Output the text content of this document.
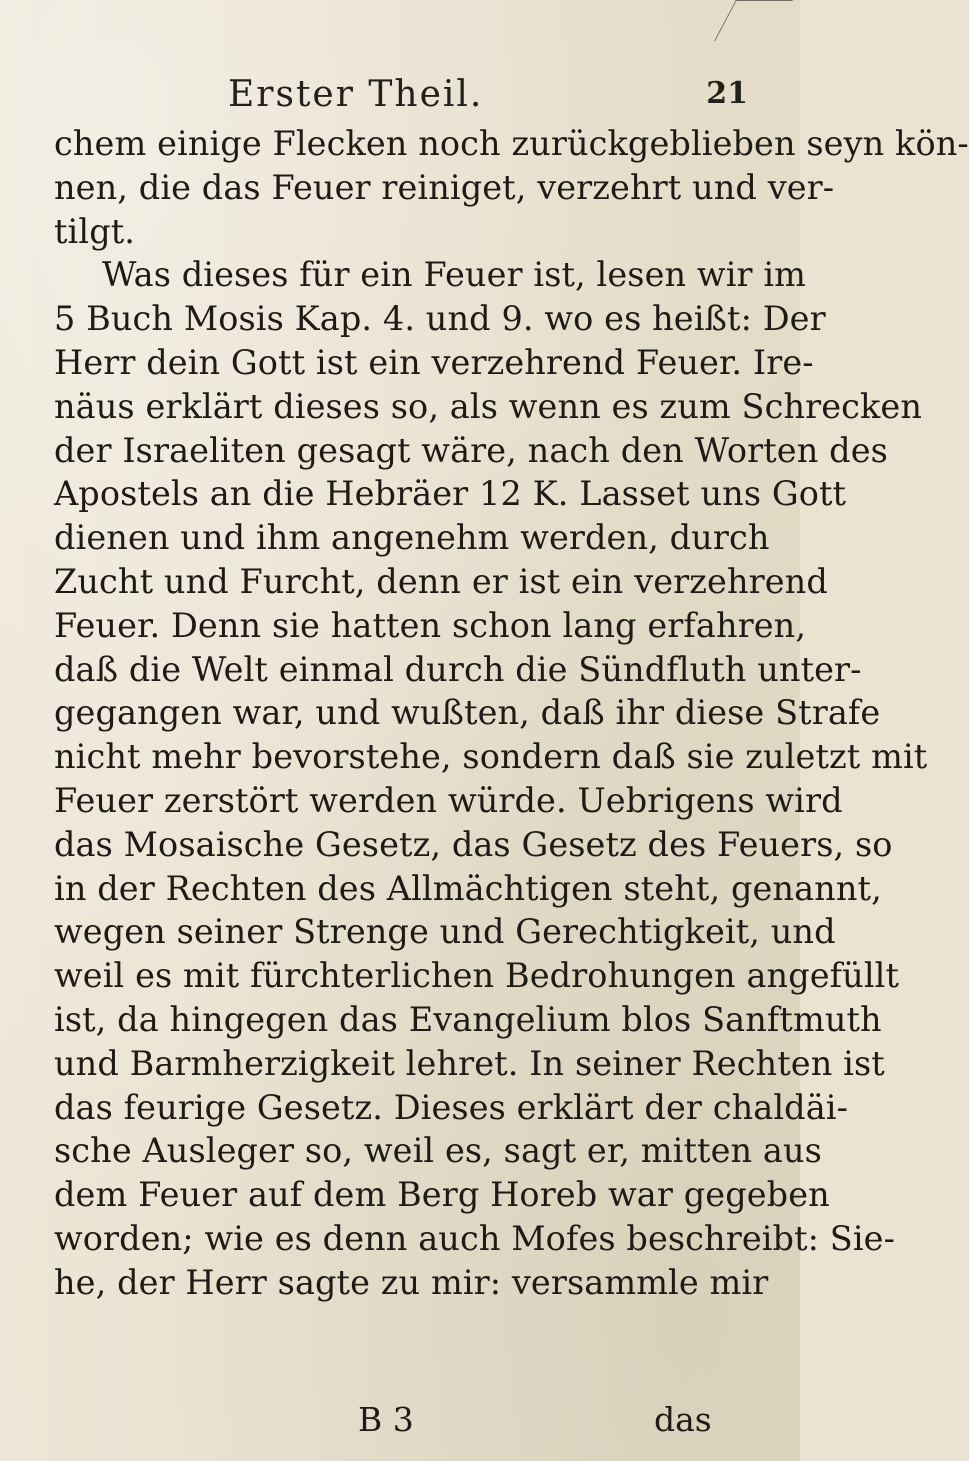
Erster Theil.	21
chem einige Flecken noch zurückgeblieben seyn kön-
nen, die das Feuer reiniget, verzehrt und ver-
tilgt.
Was dieses für ein Feuer ist, lesen wir im
5 Buch Mosis Kap. 4. und 9. wo es heißt: Der
Herr dein Gott ist ein verzehrend Feuer. Ire-
näus erklärt dieses so, als wenn es zum Schrecken
der Israeliten gesagt wäre, nach den Worten des
Apostels an die Hebräer 12 K. Lasset uns Gott
dienen und ihm angenehm werden, durch
Zucht und Furcht, denn er ist ein verzehrend
Feuer. Denn sie hatten schon lang erfahren,
daß die Welt einmal durch die Sündfluth unter-
gegangen war, und wußten, daß ihr diese Strafe
nicht mehr bevorstehe, sondern daß sie zuletzt mit
Feuer zerstört werden würde. Uebrigens wird
das Mosaische Gesetz, das Gesetz des Feuers, so
in der Rechten des Allmächtigen steht, genannt,
wegen seiner Strenge und Gerechtigkeit, und
weil es mit fürchterlichen Bedrohungen angefüllt
ist, da hingegen das Evangelium blos Sanftmuth
und Barmherzigkeit lehret. In seiner Rechten ist
das feurige Gesetz. Dieses erklärt der chaldäi-
sche Ausleger so, weil es, sagt er, mitten aus
dem Feuer auf dem Berg Horeb war gegeben
worden; wie es denn auch Mofes beschreibt: Sie-
he, der Herr sagte zu mir: versammle mir
B 3	das
